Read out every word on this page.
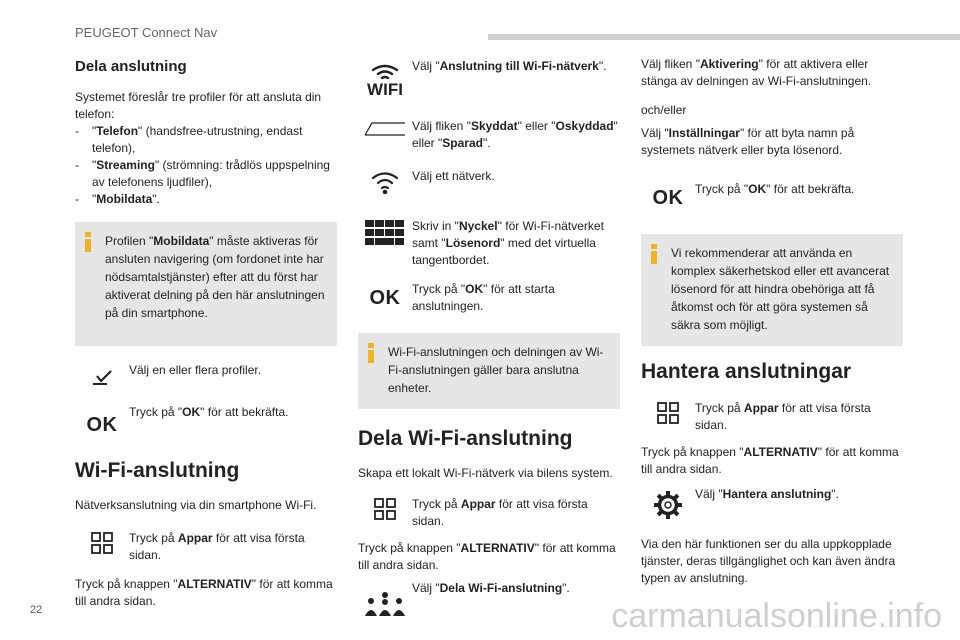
PEUGEOT Connect Nav
Dela anslutning
Systemet föreslår tre profiler för att ansluta din telefon:
-	"Telefon" (handsfree-utrustning, endast telefon),
-	"Streaming" (strömning: trådlös uppspelning av telefonens ljudfiler),
-	"Mobildata".
Profilen "Mobildata" måste aktiveras för ansluten navigering (om fordonet inte har nödsamtalstjänster) efter att du först har aktiverat delning på den här anslutningen på din smartphone.
Välj en eller flera profiler.
OK
Tryck på "OK" för att bekräfta.
Wi-Fi-anslutning
Nätverksanslutning via din smartphone Wi-Fi.
Tryck på Appar för att visa första sidan.
Tryck på knappen "ALTERNATIV" för att komma till andra sidan.
WIFI
Välj "Anslutning till Wi-Fi-nätverk".
Välj fliken "Skyddat" eller "Oskyddad" eller "Sparad".
Välj ett nätverk.
Skriv in "Nyckel" för Wi-Fi-nätverket samt "Lösenord" med det virtuella tangentbordet.
OK Tryck på "OK" för att starta anslutningen.
Wi-Fi-anslutningen och delningen av Wi-Fi-anslutningen gäller bara anslutna enheter.
Dela Wi-Fi-anslutning
Skapa ett lokalt Wi-Fi-nätverk via bilens system.
Tryck på Appar för att visa första sidan.
Tryck på knappen "ALTERNATIV" för att komma till andra sidan.
Välj "Dela Wi-Fi-anslutning".
Välj fliken "Aktivering" för att aktivera eller stänga av delningen av Wi-Fi-anslutningen.
och/eller
Välj "Inställningar" för att byta namn på systemets nätverk eller byta lösenord.
OK Tryck på "OK" för att bekräfta.
Vi rekommenderar att använda en komplex säkerhetskod eller ett avancerat lösenord för att hindra obehöriga att få åtkomst och för att göra systemen så säkra som möjligt.
Hantera anslutningar
Tryck på Appar för att visa första sidan.
Tryck på knappen "ALTERNATIV" för att komma till andra sidan.
Välj "Hantera anslutning".
Via den här funktionen ser du alla uppkopplade tjänster, deras tillgänglighet och kan även ändra typen av anslutning.
22	carmanualsonline.info
